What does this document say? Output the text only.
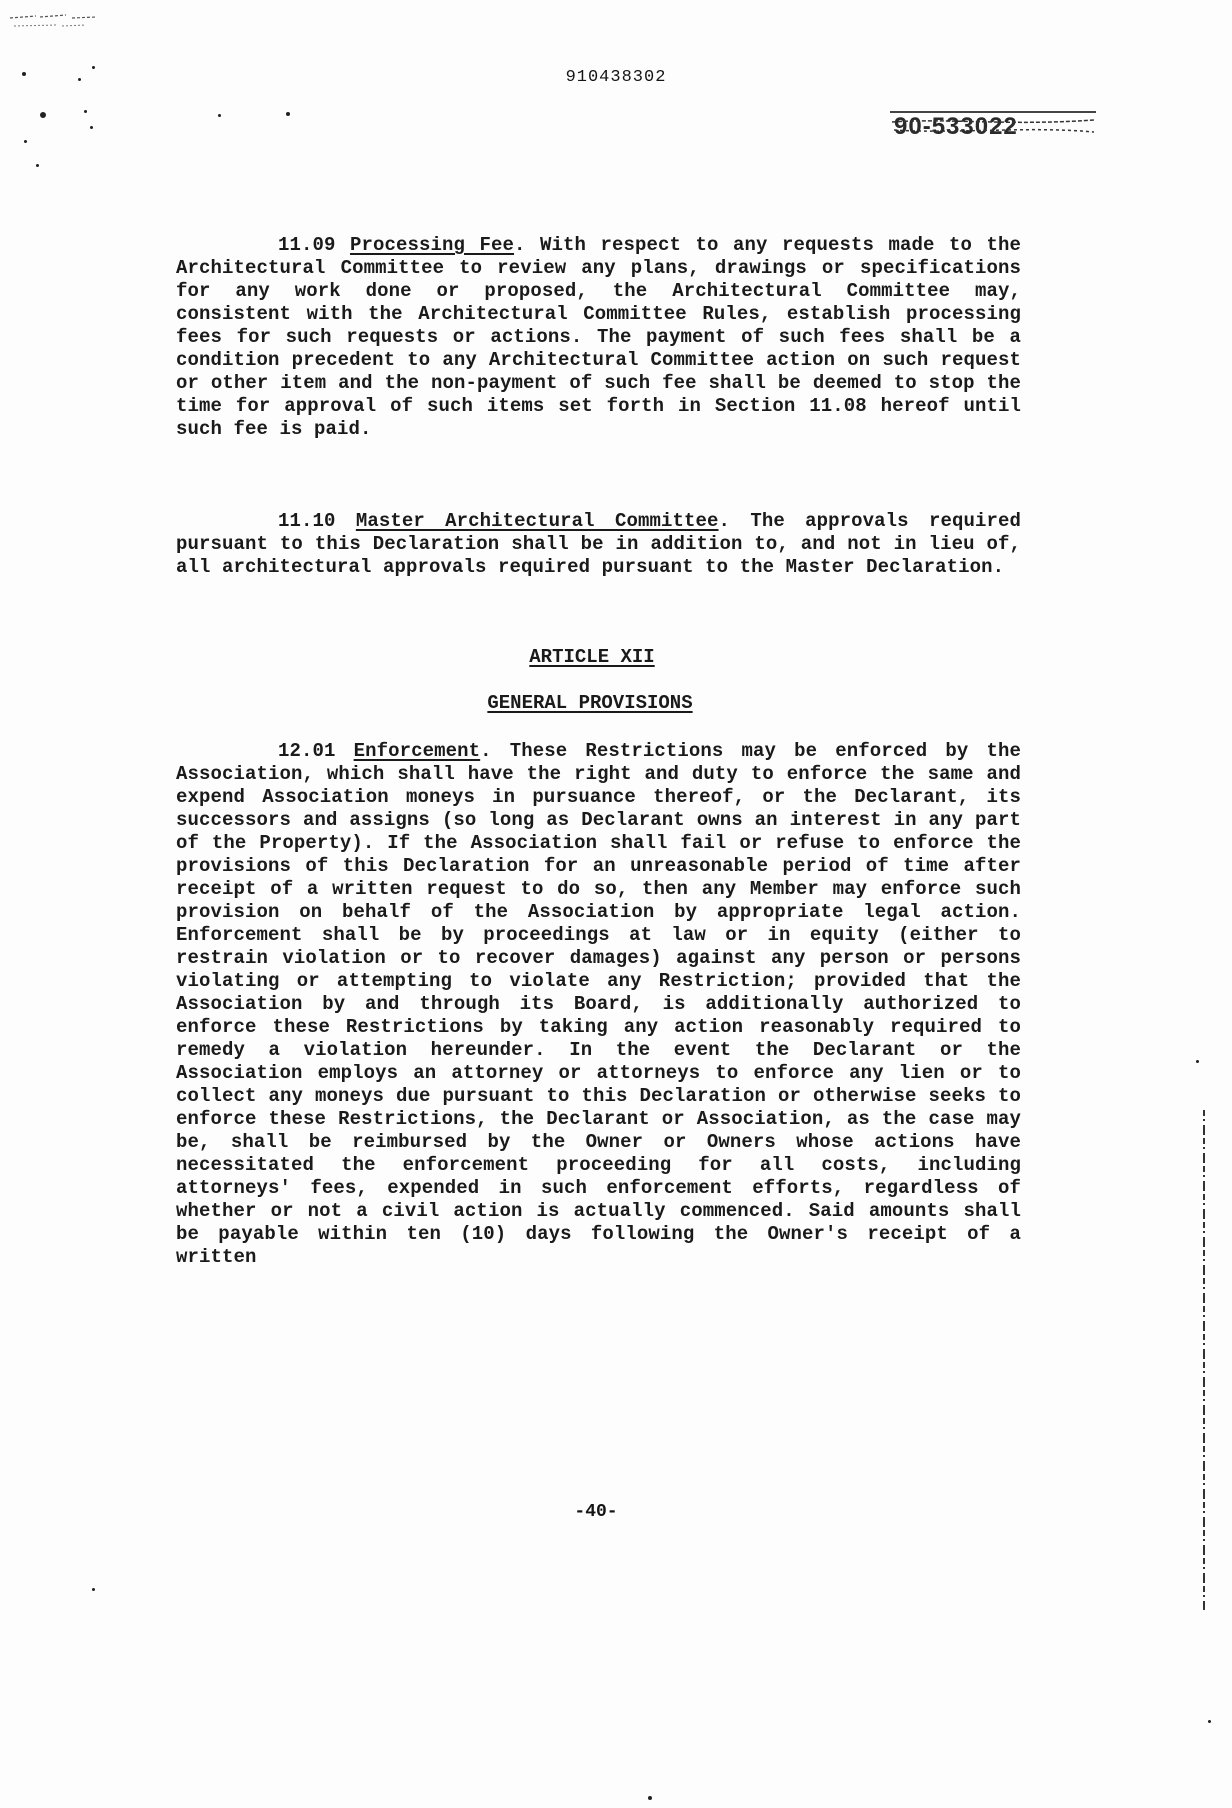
910438302
90-533022

11.09 Processing Fee. With respect to any requests made to the Architectural Committee to review any plans, drawings or specifications for any work done or proposed, the Architectural Committee may, consistent with the Architectural Committee Rules, establish processing fees for such requests or actions. The payment of such fees shall be a condition precedent to any Architectural Committee action on such request or other item and the non-payment of such fee shall be deemed to stop the time for approval of such items set forth in Section 11.08 hereof until such fee is paid.

11.10 Master Architectural Committee. The approvals required pursuant to this Declaration shall be in addition to, and not in lieu of, all architectural approvals required pursuant to the Master Declaration.

ARTICLE XII
GENERAL PROVISIONS

12.01 Enforcement. These Restrictions may be enforced by the Association, which shall have the right and duty to enforce the same and expend Association moneys in pursuance thereof, or the Declarant, its successors and assigns (so long as Declarant owns an interest in any part of the Property). If the Association shall fail or refuse to enforce the provisions of this Declaration for an unreasonable period of time after receipt of a written request to do so, then any Member may enforce such provision on behalf of the Association by appropriate legal action. Enforcement shall be by proceedings at law or in equity (either to restrain violation or to recover damages) against any person or persons violating or attempting to violate any Restriction; provided that the Association by and through its Board, is additionally authorized to enforce these Restrictions by taking any action reasonably required to remedy a violation hereunder. In the event the Declarant or the Association employs an attorney or attorneys to enforce any lien or to collect any moneys due pursuant to this Declaration or otherwise seeks to enforce these Restrictions, the Declarant or Association, as the case may be, shall be reimbursed by the Owner or Owners whose actions have necessitated the enforcement proceeding for all costs, including attorneys' fees, expended in such enforcement efforts, regardless of whether or not a civil action is actually commenced. Said amounts shall be payable within ten (10) days following the Owner's receipt of a written

-40-
